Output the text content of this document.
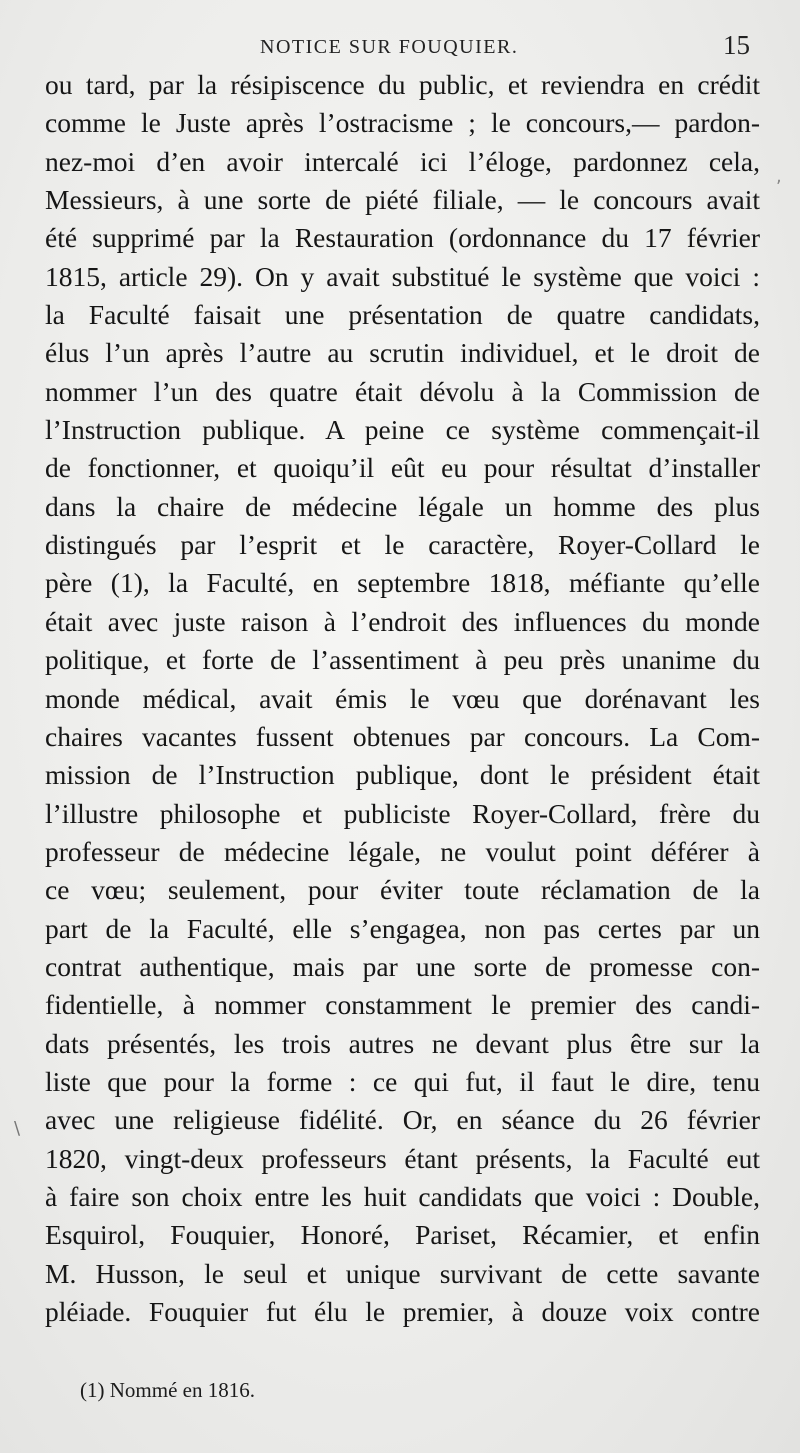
NOTICE SUR FOUQUIER.	15
ou tard, par la résipiscence du public, et reviendra en crédit
comme le Juste après l’ostracisme ; le concours,— pardon-
nez-moi d’en avoir intercalé ici l’éloge, pardonnez cela,
Messieurs, à une sorte de piété filiale, — le concours avait
été supprimé par la Restauration (ordonnance du 17 février
1815, article 29). On y avait substitué le système que voici :
la Faculté faisait une présentation de quatre candidats,
élus l’un après l’autre au scrutin individuel, et le droit de
nommer l’un des quatre était dévolu à la Commission de
l’Instruction publique. A peine ce système commençait-il
de fonctionner, et quoiqu’il eût eu pour résultat d’installer
dans la chaire de médecine légale un homme des plus
distingués par l’esprit et le caractère, Royer-Collard le
père (1), la Faculté, en septembre 1818, méfiante qu’elle
était avec juste raison à l’endroit des influences du monde
politique, et forte de l’assentiment à peu près unanime du
monde médical, avait émis le vœu que dorénavant les
chaires vacantes fussent obtenues par concours. La Com-
mission de l’Instruction publique, dont le président était
l’illustre philosophe et publiciste Royer-Collard, frère du
professeur de médecine légale, ne voulut point déférer à
ce vœu; seulement, pour éviter toute réclamation de la
part de la Faculté, elle s’engagea, non pas certes par un
contrat authentique, mais par une sorte de promesse con-
fidentielle, à nommer constamment le premier des candi-
dats présentés, les trois autres ne devant plus être sur la
liste que pour la forme : ce qui fut, il faut le dire, tenu
avec une religieuse fidélité. Or, en séance du 26 février
1820, vingt-deux professeurs étant présents, la Faculté eut
à faire son choix entre les huit candidats que voici : Double,
Esquirol, Fouquier, Honoré, Pariset, Récamier, et enfin
M. Husson, le seul et unique survivant de cette savante
pléiade. Fouquier fut élu le premier, à douze voix contre
\
,
(1) Nommé en 1816.
